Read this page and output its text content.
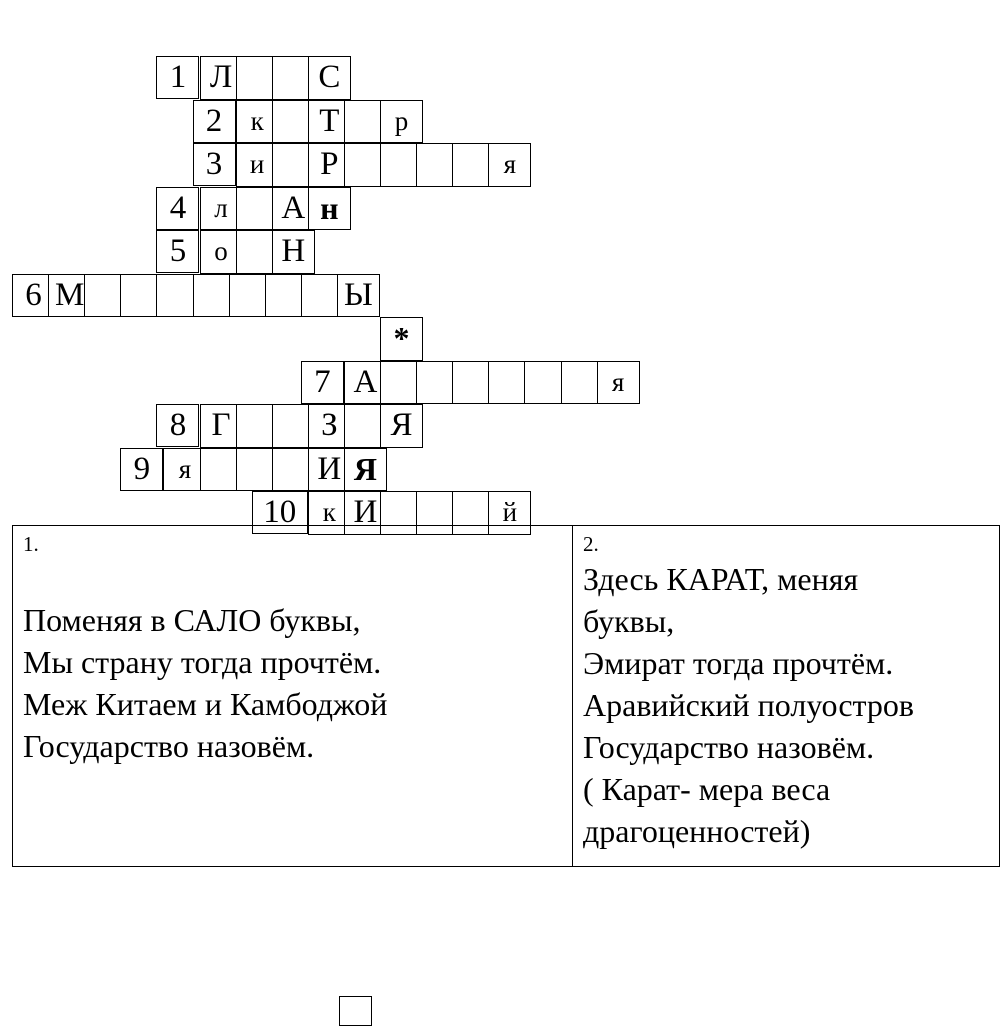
1 Л	С
2	к	Т	р
3	и	Р	я
4	л	А н
5	о	Н
6 М	Ы
*
7 А	я
8 Г	З	Я
9	я	И Я
10 к И	й
1.
Поменяя в САЛО буквы,
Мы страну тогда прочтём.
Меж Китаем и Камбоджой
Государство назовём.
2.
Здесь КАРАТ, меняя
буквы,
Эмират тогда прочтём.
Аравийский полуостров
Государство назовём.
( Карат- мера веса
драгоценностей)
